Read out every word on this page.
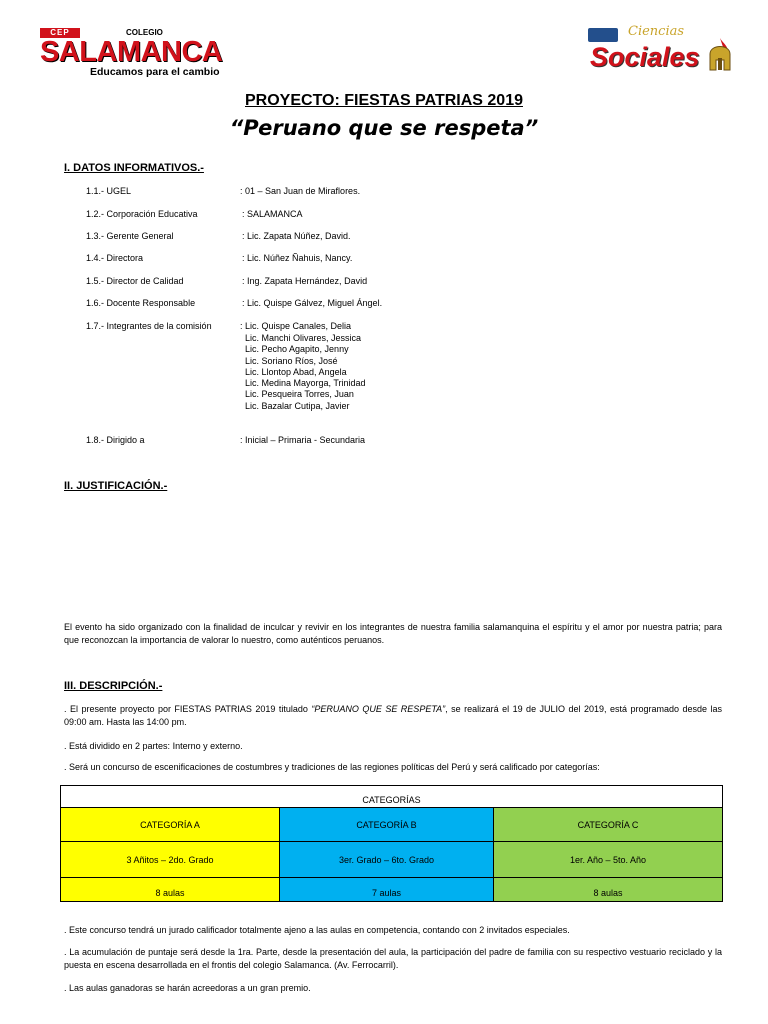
CEP	COLEGIO
SALAMANCA
Educamos para el cambio
Ciencias
Sociales
PROYECTO: FIESTAS PATRIAS 2019
“Peruano que se respeta”
I. DATOS INFORMATIVOS.-
1.1.- UGEL	: 01 – San Juan de Miraflores.
1.2.- Corporación Educativa	: SALAMANCA
1.3.- Gerente General	: Lic. Zapata Núñez, David.
1.4.- Directora	: Lic. Núñez Ñahuis, Nancy.
1.5.- Director de Calidad	: Ing. Zapata Hernández, David
1.6.- Docente Responsable	: Lic. Quispe Gálvez, Miguel Ángel.
1.7.- Integrantes de la comisión	: Lic. Quispe Canales, Delia
Lic. Manchi Olivares, Jessica
Lic. Pecho Agapito, Jenny
Lic. Soriano Ríos, José
Lic. Llontop Abad, Angela
Lic. Medina Mayorga, Trinidad
Lic. Pesqueira Torres, Juan
Lic. Bazalar Cutipa, Javier
1.8.- Dirigido a	: Inicial – Primaria - Secundaria
II. JUSTIFICACIÓN.-
El evento ha sido organizado con la finalidad de inculcar y revivir en los integrantes de nuestra familia salamanquina el espíritu y el amor por nuestra patria; para que reconozcan la importancia de valorar lo nuestro, como auténticos peruanos.
III. DESCRIPCIÓN.-
. El presente proyecto por FIESTAS PATRIAS 2019 titulado “PERUANO QUE SE RESPETA”, se realizará el 19 de JULIO del 2019, está programado desde las 09:00 am. Hasta las 14:00 pm.
. Está dividido en 2 partes: Interno y externo.
. Será un concurso de escenificaciones de costumbres y tradiciones de las regiones políticas del Perú y será calificado por categorías:
CATEGORÍAS		
CATEGORÍA A	CATEGORÍA B	CATEGORÍA C
3 Añitos – 2do. Grado	3er. Grado – 6to. Grado	1er. Año – 5to. Año
8 aulas	7 aulas	8 aulas
. Este concurso tendrá un jurado calificador totalmente ajeno a las aulas en competencia, contando con 2 invitados especiales.
. La acumulación de puntaje será desde la 1ra. Parte, desde la presentación del aula, la participación del padre de familia con su respectivo vestuario reciclado y la puesta en escena desarrollada en el frontis del colegio Salamanca. (Av. Ferrocarril).
. Las aulas ganadoras se harán acreedoras a un gran premio.
